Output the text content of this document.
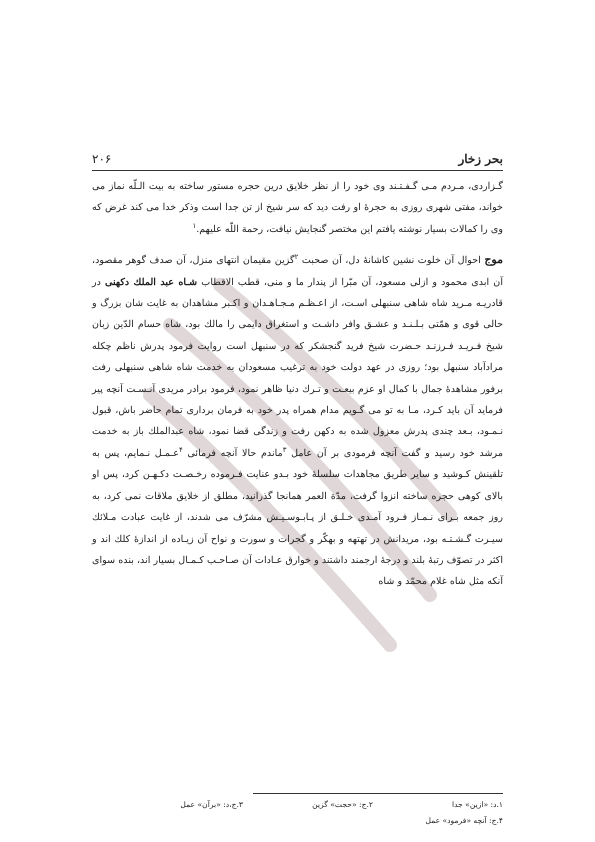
بحر زخار
۲۰۶

گـزاردی، مـردم مـی گـفـتـند وی خود را از نظر خلایق درین حجره مستور ساخته به بیت الـلّه نماز می خواند، مفتی شهری روزی به حجرهٔ او رفت دید که سر شیخ از تن جدا است وذکر خدا می کند غرض که وی را کمالات بسیار نوشته یافتم این مختصر گنجایش نیافت، رحمة اللّه علیهم.$^۱$

موج احوال آن خلوت نشین کاشانهٔ دل، آن صحبت $^۲$گزین مقیمان انتهای منزل، آن صدف گوهر مقصود، آن ابدی محمود و ازلی مسعود، آن مبّرا از پندار ما و منی، قطب الاقطاب شـاه عبد الملك دکهنی در قادریـه مـرید شاه شاهی سنبهلی اسـت، از اعـظـم مـجـاهـدان و اکـبر مشاهدان به غایت شان بزرگ و حالی قوی و همّتی بـلـنـد و عشـق وافر داشـت و استغراق دایمی را مالك بود، شاه حسام الدّین زبان شیخ فـریـد فـرزنـد حـضرت شیخ فرید گنجشکر که در سنبهل است روایت فرمود پدرش ناظم چکله مرادآباد سنبهل بود؛ روزی در عهد دولت خود به ترغیب مسعودان به خدمت شاه شاهی سنبهلی رفت برفور مشاهدهٔ جمال با کمال او عزم بیعـت و تـرك دنیا ظاهر نمود، فرمود برادر مریدی آنـسـت آنچه پیر فرماید آن باید کـرد، مـا به تو می گـویم مدام همراه پدر خود به فرمان برداری تمام حاضر باش، قبول نـمـود، بـعد چندی پدرش معزول شده به دکهن رفت و زندگی قضا نمود، شاه عبدالملك باز به خدمت مرشد خود رسید و گفت آنچه فرمودی بر آن عامل $^۳$ماندم حالا آنچه فرمائی $^۴$عـمـل نـمایم، پس به تلقینش کـوشید و سایر طریق مجاهدات سلسلهٔ خود بـدو عنایت فـرموده رخـصـت دکـهـن کرد، پس او بالای کوهی حجره ساخته انزوا گرفت، مدّة العمر همانجا گذرانید، مطلق از خلایق ملاقات نمی کرد، به روز جمعه بـرای نـمـاز فـرود آمـدی خـلـق از پـابـوسـیـش مشرّف می شدند، از غایت عبادت مـلائك سیـرت گـشـتـه بود، مریدانش در تهتهه و بهکّر و گجرات و سورت و نواح آن زیـاده از اندازهٔ کلك اند و اکثر در تصوّف رتبهٔ بلند و درجهٔ ارجمند داشتند و خوارق عـادات آن صـاحـب کـمـال بسیار اند، بنده سوای آنکه مثل شاه غلام محمّد و شاه

۱.د: «ازین» جدا
۲.ج: «حجت» گزین
۳.ج،د: «برآن» عمل
۴.ج: آنچه «فرمود» عمل
